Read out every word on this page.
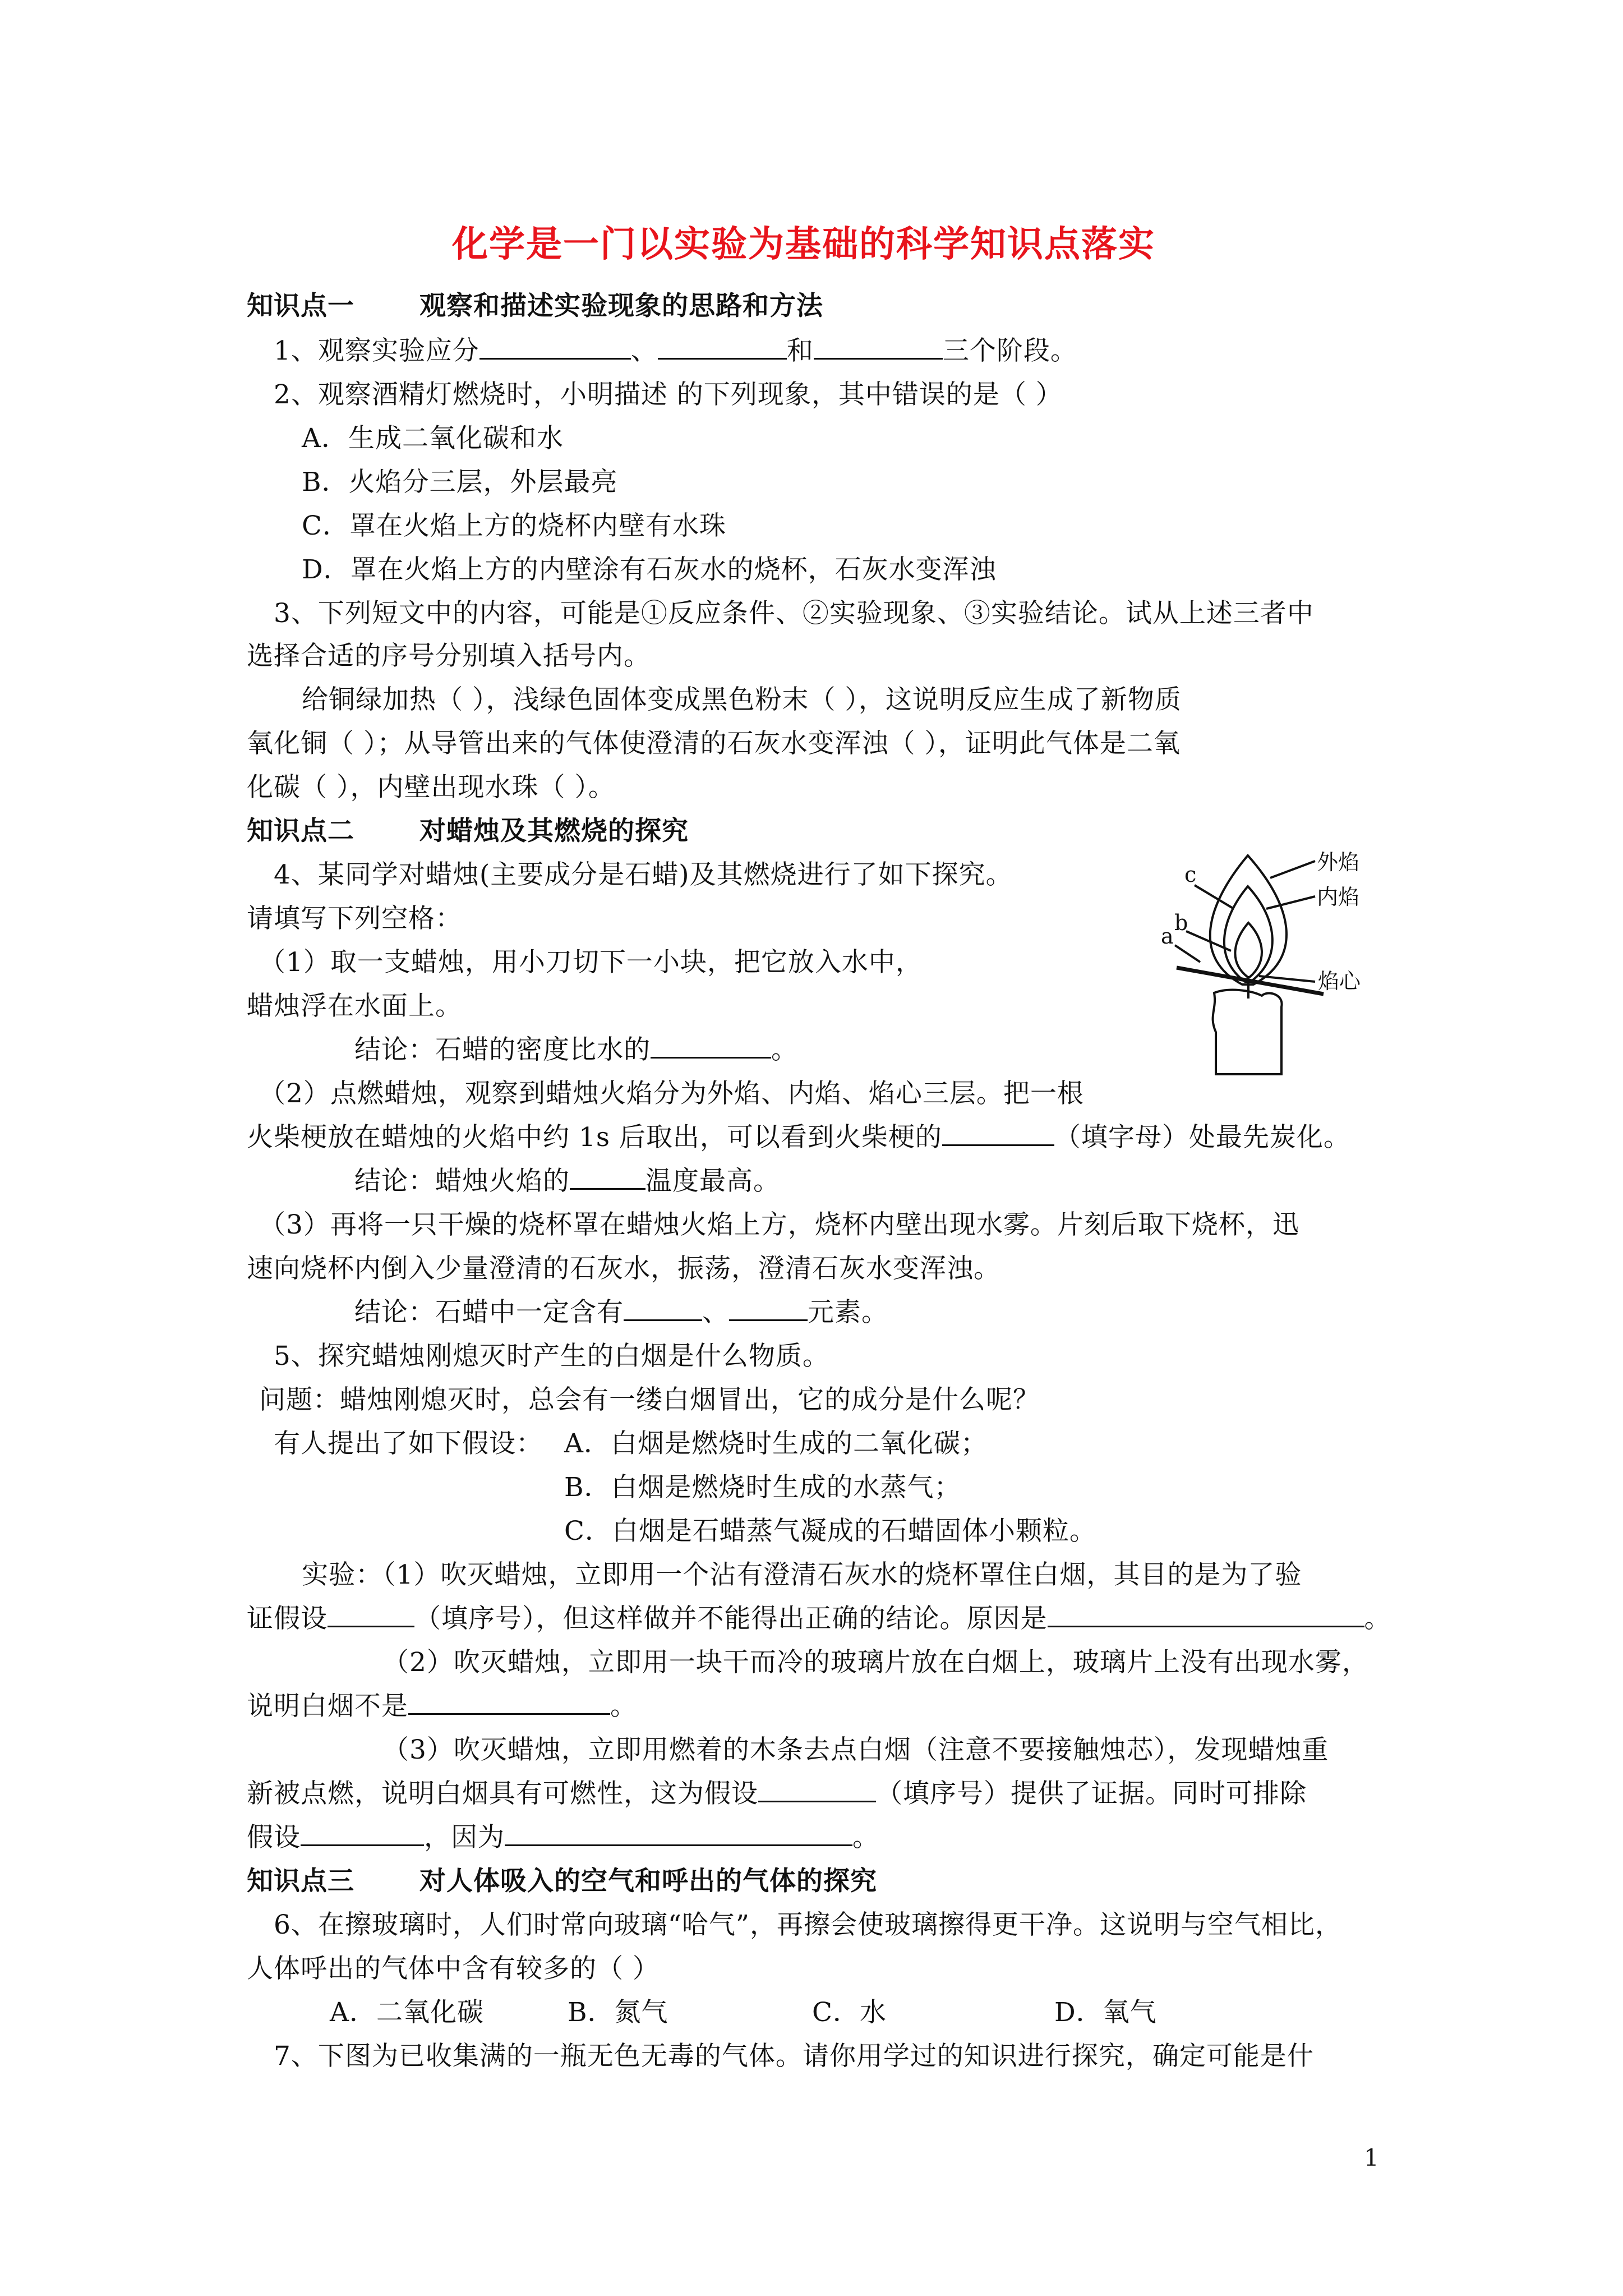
化学是一门以实验为基础的科学知识点落实
知识点一 观察和描述实验现象的思路和方法
1、观察实验应分	、	和	三个阶段。
2、观察酒精灯燃烧时，小明描述 的下列现象，其中错误的是（ ）
A．生成二氧化碳和水
B．火焰分三层，外层最亮
C．罩在火焰上方的烧杯内壁有水珠
D．罩在火焰上方的内壁涂有石灰水的烧杯，石灰水变浑浊
3、下列短文中的内容，可能是①反应条件、②实验现象、③实验结论。试从上述三者中
选择合适的序号分别填入括号内。
给铜绿加热（ ），浅绿色固体变成黑色粉末（ ），这说明反应生成了新物质
氧化铜（ ）；从导管出来的气体使澄清的石灰水变浑浊（ ），证明此气体是二氧
化碳（ ），内壁出现水珠（ ）。
知识点二 对蜡烛及其燃烧的探究
4、某同学对蜡烛(主要成分是石蜡)及其燃烧进行了如下探究。
请填写下列空格：
（1）取一支蜡烛，用小刀切下一小块，把它放入水中，
蜡烛浮在水面上。
结论：石蜡的密度比水的	。
（2）点燃蜡烛，观察到蜡烛火焰分为外焰、内焰、焰心三层。把一根
火柴梗放在蜡烛的火焰中约 1s 后取出，可以看到火柴梗的	（填字母）处最先炭化。
结论：蜡烛火焰的	温度最高。
（3）再将一只干燥的烧杯罩在蜡烛火焰上方，烧杯内壁出现水雾。片刻后取下烧杯，迅
速向烧杯内倒入少量澄清的石灰水，振荡，澄清石灰水变浑浊。
结论：石蜡中一定含有	、	元素。
5、探究蜡烛刚熄灭时产生的白烟是什么物质。
问题：蜡烛刚熄灭时，总会有一缕白烟冒出，它的成分是什么呢？
有人提出了如下假设： A．白烟是燃烧时生成的二氧化碳；
B．白烟是燃烧时生成的水蒸气；
C．白烟是石蜡蒸气凝成的石蜡固体小颗粒。
实验：（1）吹灭蜡烛，立即用一个沾有澄清石灰水的烧杯罩住白烟，其目的是为了验
证假设	（填序号），但这样做并不能得出正确的结论。原因是	。
（2）吹灭蜡烛，立即用一块干而冷的玻璃片放在白烟上，玻璃片上没有出现水雾，
说明白烟不是	。
（3）吹灭蜡烛，立即用燃着的木条去点白烟（注意不要接触烛芯），发现蜡烛重
新被点燃，说明白烟具有可燃性，这为假设	（填序号）提供了证据。同时可排除
假设	，因为	。
外焰
内焰
焰心
c
b
a
知识点三 对人体吸入的空气和呼出的气体的探究
6、在擦玻璃时，人们时常向玻璃“哈气”，再擦会使玻璃擦得更干净。这说明与空气相比，
人体呼出的气体中含有较多的（ ）
A．二氧化碳	B．氮气	C．水	D．氧气
7、下图为已收集满的一瓶无色无毒的气体。请你用学过的知识进行探究，确定可能是什
1
